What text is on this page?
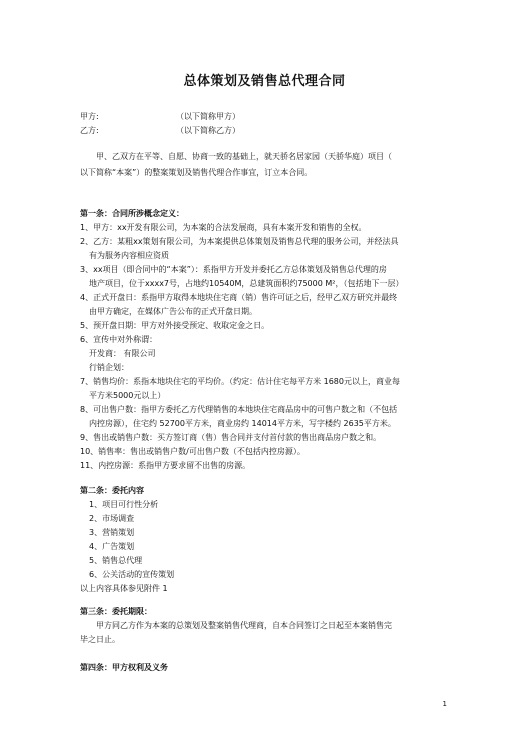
总体策划及销售总代理合同
甲方:	（以下简称甲方）
乙方:	（以下简称乙方）
甲、乙双方在平等、自愿、协商一致的基础上，就天骄名居家园（天骄华庭）项目（
以下简称“本案”）的整案策划及销售代理合作事宜，订立本合同。
第一条：合同所涉概念定义：
1、甲方：xx开发有限公司，为本案的合法发展商，具有本案开发和销售的全权。
2、乙方：某粗xx策划有限公司，为本案提供总体策划及销售总代理的服务公司，并经法具
有为服务内容相应资质
3、xx项目（即合同中的“本案”）：系指甲方开发并委托乙方总体策划及销售总代理的房
地产项目，位于xxxx7号，占地约10540M，总建筑面积约75000 M²，（包括地下一层）
4、正式开盘日：系指甲方取得本地块住宅商（销）售许可证之后，经甲乙双方研究并最终
由甲方确定，在媒体广告公布的正式开盘日期。
5、预开盘日期：甲方对外接受预定、收取定金之日。
6、宣传中对外称谓：
开发商： 有限公司
行销企划：
7、销售均价：系指本地块住宅的平均价。（约定：估计住宅每平方米 1680元以上，商业每
平方米5000元以上）
8、可出售户数：指甲方委托乙方代理销售的本地块住宅商品房中的可售户数之和（不包括
内控房源），住宅约 52700平方米，商业房约 14014平方米，写字楼约 2635平方米。
9、售出或销售户数：买方签订商（售）售合同并支付首付款的售出商品房户数之和。
10、销售率：售出或销售户数/可出售户数（不包括内控房源）。
11、内控房源：系指甲方要求留不出售的房源。
第二条：委托内容
1、项目可行性分析
2、市场调查
3、营销策划
4、广告策划
5、销售总代理
6、公关活动的宣传策划
以上内容具体参见附件 1
第三条：委托期限：
甲方同乙方作为本案的总策划及整案销售代理商，自本合同签订之日起至本案销售完
毕之日止。
第四条：甲方权利及义务
1
